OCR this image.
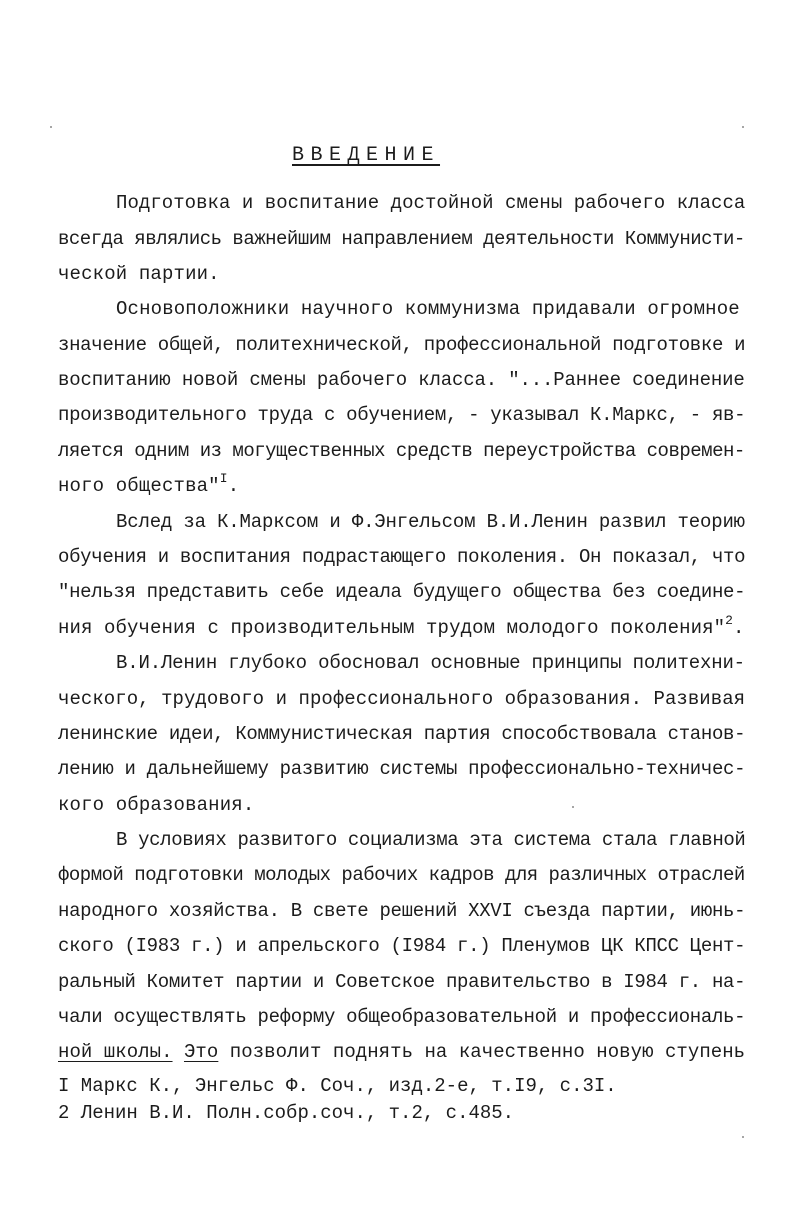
ВВЕДЕНИЕ
Подготовка и воспитание достойной смены рабочего класса
всегда являлись важнейшим направлением деятельности Коммунисти-
ческой партии.
Основоположники научного коммунизма придавали огромное
значение общей, политехнической, профессиональной подготовке и
воспитанию новой смены рабочего класса. "...Раннее соединение
производительного труда с обучением, - указывал К.Маркс, - яв-
ляется одним из могущественных средств переустройства современ-
ного общества"$^I$.
Вслед за К.Марксом и Ф.Энгельсом В.И.Ленин развил теорию
обучения и воспитания подрастающего поколения. Он показал, что
"нельзя представить себе идеала будущего общества без соедине-
ния обучения с производительным трудом молодого поколения"$^2$.
В.И.Ленин глубоко обосновал основные принципы политехни-
ческого, трудового и профессионального образования. Развивая
ленинские идеи, Коммунистическая партия способствовала станов-
лению и дальнейшему развитию системы профессионально-техничес-
кого образования.
В условиях развитого социализма эта система стала главной
формой подготовки молодых рабочих кадров для различных отраслей
народного хозяйства. В свете решений XXVI съезда партии, июнь-
ского (I983 г.) и апрельского (I984 г.) Пленумов ЦК КПСС Цент-
ральный Комитет партии и Советское правительство в I984 г. на-
чали осуществлять реформу общеобразовательной и профессиональ-
ной школы. Это позволит поднять на качественно новую ступень
I Маркс К., Энгельс Ф. Соч., изд.2-е, т.I9, с.3I.
2 Ленин В.И. Полн.собр.соч., т.2, с.485.
